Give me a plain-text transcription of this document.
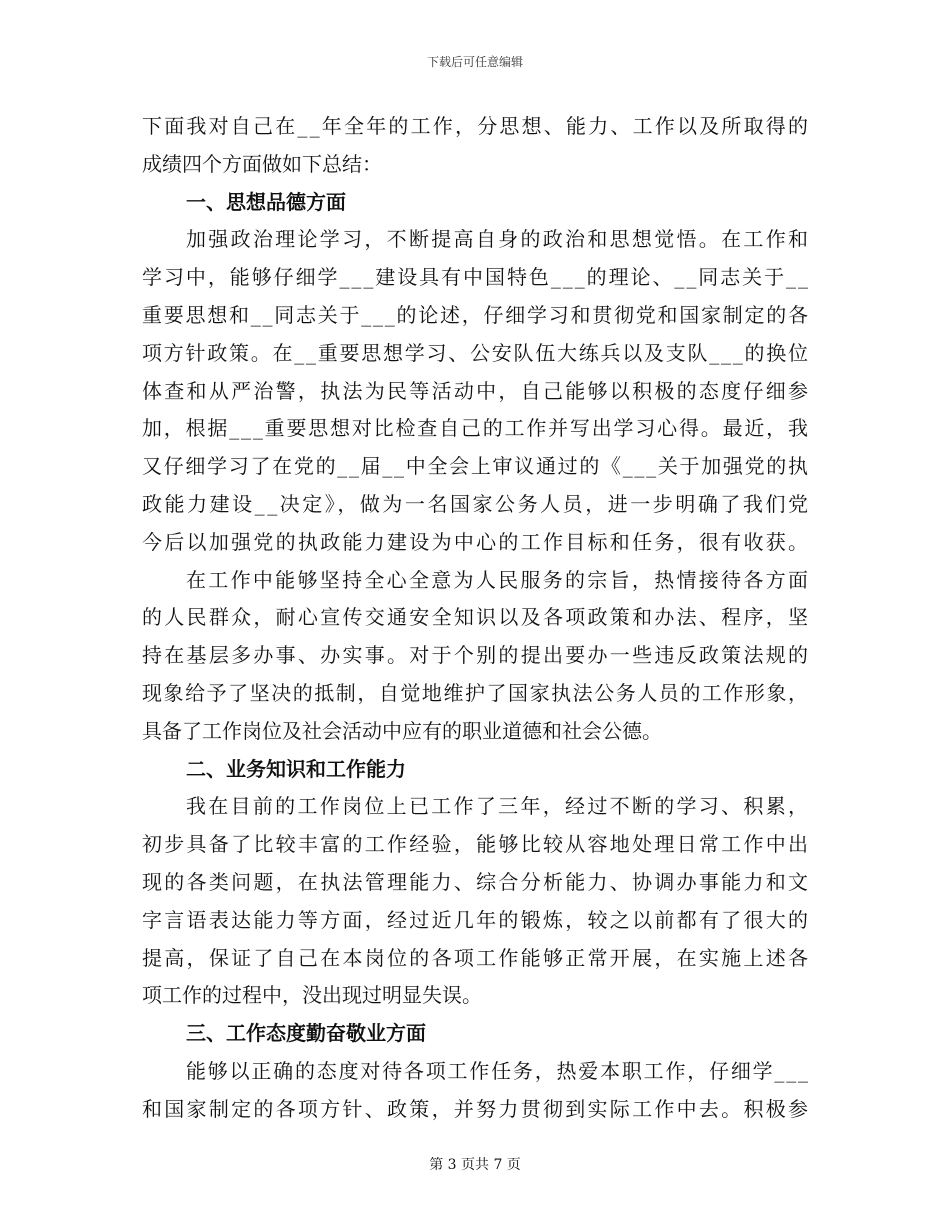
下载后可任意编辑
下面我对自己在__年全年的工作，分思想、能力、工作以及所取得的
成绩四个方面做如下总结：
一、思想品德方面
加强政治理论学习，不断提高自身的政治和思想觉悟。在工作和
学习中，能够仔细学___建设具有中国特色___的理论、__同志关于__
重要思想和__同志关于___的论述，仔细学习和贯彻党和国家制定的各
项方针政策。在__重要思想学习、公安队伍大练兵以及支队___的换位
体查和从严治警，执法为民等活动中，自己能够以积极的态度仔细参
加，根据___重要思想对比检查自己的工作并写出学习心得。最近，我
又仔细学习了在党的__届__中全会上审议通过的《___关于加强党的执
政能力建设__决定》，做为一名国家公务人员，进一步明确了我们党
今后以加强党的执政能力建设为中心的工作目标和任务，很有收获。
在工作中能够坚持全心全意为人民服务的宗旨，热情接待各方面
的人民群众，耐心宣传交通安全知识以及各项政策和办法、程序，坚
持在基层多办事、办实事。对于个别的提出要办一些违反政策法规的
现象给予了坚决的抵制，自觉地维护了国家执法公务人员的工作形象，
具备了工作岗位及社会活动中应有的职业道德和社会公德。
二、业务知识和工作能力
我在目前的工作岗位上已工作了三年，经过不断的学习、积累，
初步具备了比较丰富的工作经验，能够比较从容地处理日常工作中出
现的各类问题，在执法管理能力、综合分析能力、协调办事能力和文
字言语表达能力等方面，经过近几年的锻炼，较之以前都有了很大的
提高，保证了自己在本岗位的各项工作能够正常开展，在实施上述各
项工作的过程中，没出现过明显失误。
三、工作态度勤奋敬业方面
能够以正确的态度对待各项工作任务，热爱本职工作，仔细学___
和国家制定的各项方针、政策，并努力贯彻到实际工作中去。积极参
第 3 页共 7 页
